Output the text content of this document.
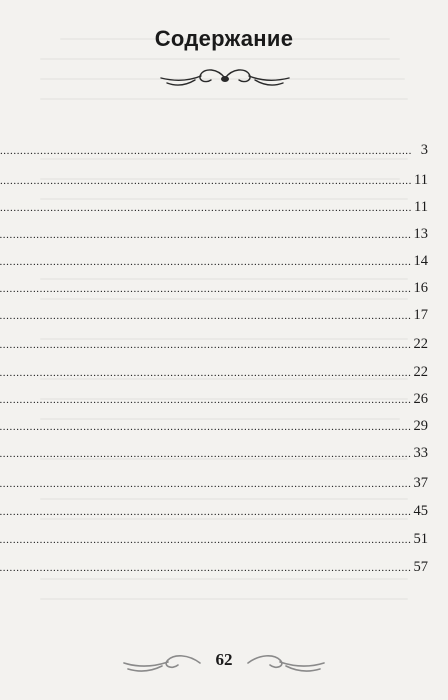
Содержание
.....
3
.....
11
.....
11
.....
13
.....
14
.....
16
.....
17
.....
22
.....
22
.....
26
.....
29
.....
33
.....
37
.....
45
.....
51
.....
57
62
